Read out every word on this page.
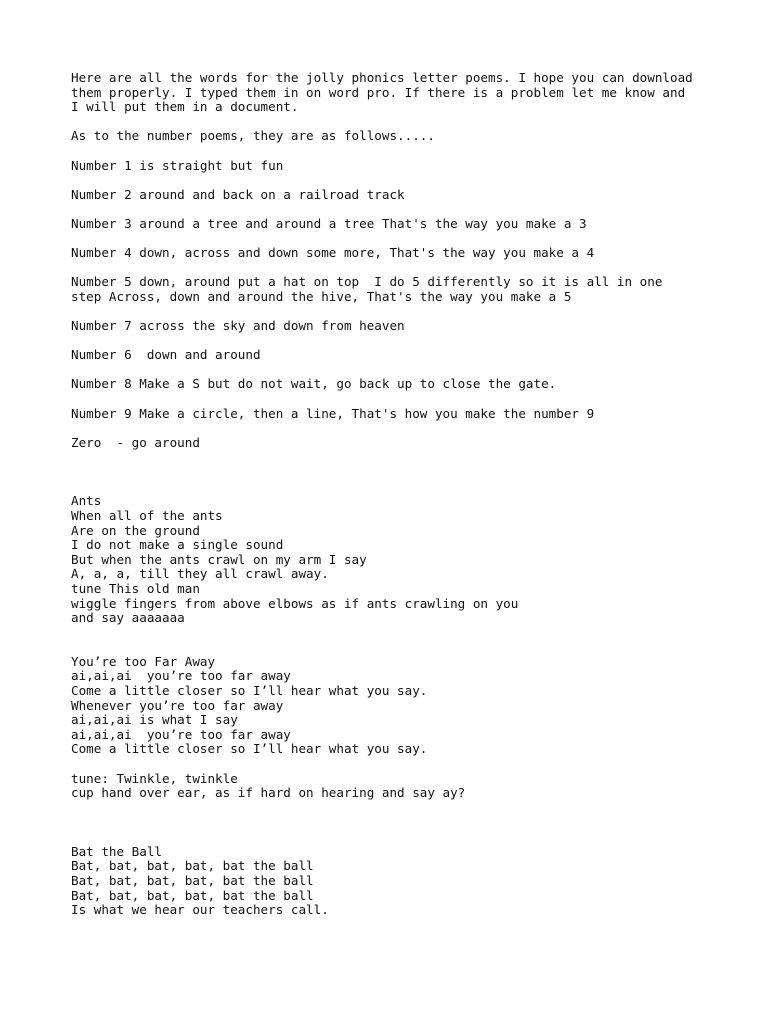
Here are all the words for the jolly phonics letter poems. I hope you can download
them properly. I typed them in on word pro. If there is a problem let me know and
I will put them in a document.
As to the number poems, they are as follows.....
Number 1 is straight but fun
Number 2 around and back on a railroad track
Number 3 around a tree and around a tree That's the way you make a 3
Number 4 down, across and down some more, That's the way you make a 4
Number 5 down, around put a hat on top  I do 5 differently so it is all in one
step Across, down and around the hive, That's the way you make a 5
Number 7 across the sky and down from heaven
Number 6  down and around
Number 8 Make a S but do not wait, go back up to close the gate.
Number 9 Make a circle, then a line, That's how you make the number 9
Zero  - go around
Ants
When all of the ants
Are on the ground
I do not make a single sound
But when the ants crawl on my arm I say
A, a, a, till they all crawl away.
tune This old man
wiggle fingers from above elbows as if ants crawling on you
and say aaaaaaa
You’re too Far Away
ai,ai,ai  you’re too far away
Come a little closer so I’ll hear what you say.
Whenever you’re too far away
ai,ai,ai is what I say
ai,ai,ai  you’re too far away
Come a little closer so I’ll hear what you say.
tune: Twinkle, twinkle
cup hand over ear, as if hard on hearing and say ay?
Bat the Ball
Bat, bat, bat, bat, bat the ball
Bat, bat, bat, bat, bat the ball
Bat, bat, bat, bat, bat the ball
Is what we hear our teachers call.
